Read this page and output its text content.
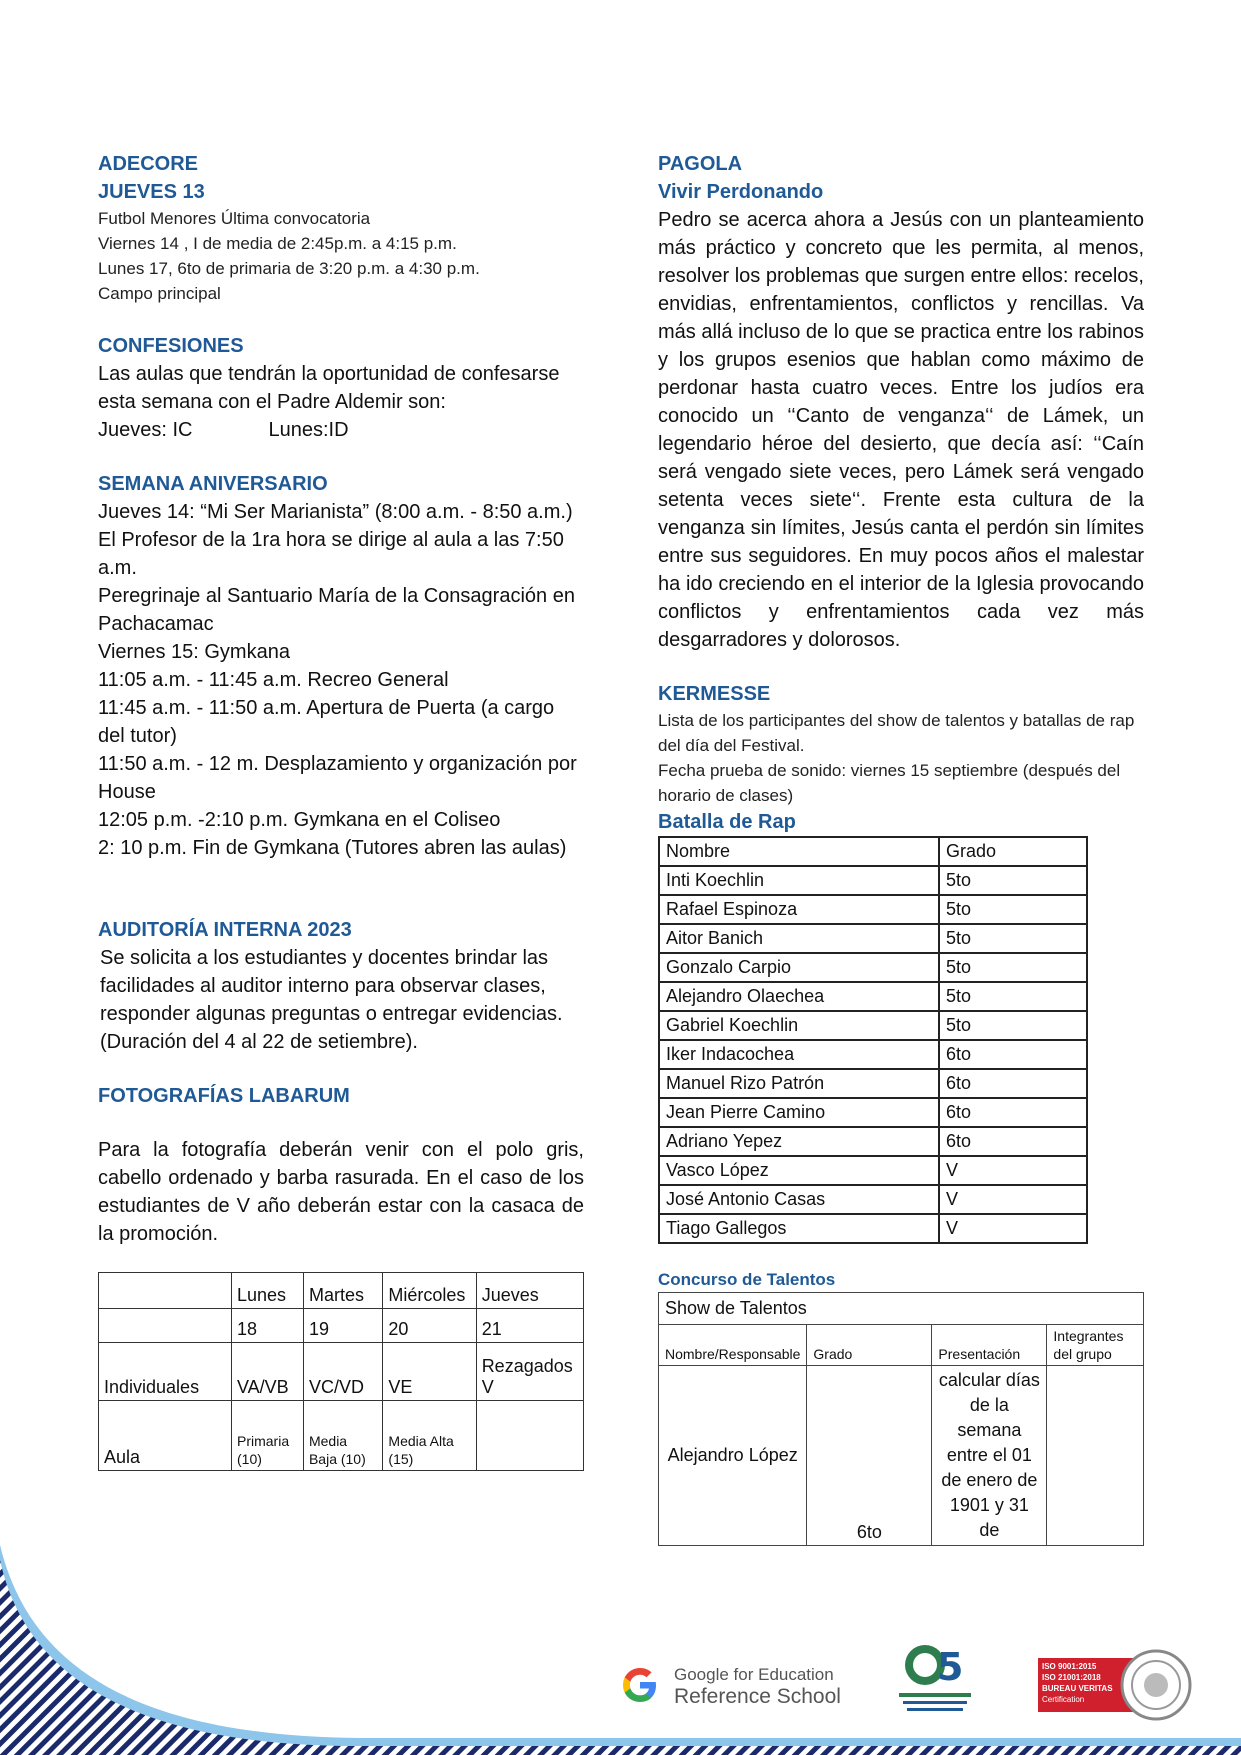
ADECORE
JUEVES 13

Futbol Menores Última convocatoria

Viernes 14 , I de media de 2:45p.m. a 4:15 p.m.

Lunes 17, 6to de primaria de 3:20 p.m. a 4:30 p.m.

Campo principal

CONFESIONES

Las aulas que tendrán la oportunidad de confesarse esta semana con el Padre Aldemir son:

Jueves: IC	Lunes:ID

SEMANA ANIVERSARIO

Jueves 14: “Mi Ser Marianista” (8:00 a.m. - 8:50 a.m.)

El Profesor de la 1ra hora se dirige al aula a las 7:50 a.m.

Peregrinaje al Santuario María de la Consagración en Pachacamac

Viernes 15: Gymkana

11:05 a.m. - 11:45 a.m. Recreo General

11:45 a.m. - 11:50 a.m. Apertura de Puerta (a cargo del tutor)

11:50 a.m. - 12 m. Desplazamiento y organización por House

12:05 p.m. -2:10 p.m. Gymkana en el Coliseo

2: 10 p.m. Fin de Gymkana (Tutores abren las aulas)

AUDITORÍA INTERNA 2023

Se solicita a los estudiantes y docentes brindar las facilidades al auditor interno para observar clases, responder algunas preguntas o entregar evidencias. (Duración del 4 al 22 de setiembre).

FOTOGRAFÍAS LABARUM

Para la fotografía deberán venir con el polo gris, cabello ordenado y barba rasurada. En el caso de los estudiantes de V año deberán estar con la casaca de la promoción.

	Lunes	Martes	Miércoles	Jueves
	18	19	20	21
Individuales	VA/VB	VC/VD	VE	Rezagados V
Aula	Primaria (10)	Media Baja (10)	Media Alta (15)	
PAGOLA
Vivir Perdonando

Pedro se acerca ahora a Jesús con un planteamiento más práctico y concreto que les permita, al menos, resolver los problemas que surgen entre ellos: recelos, envidias, enfrentamientos, conflictos y rencillas. Va más allá incluso de lo que se practica entre los rabinos y los grupos esenios que hablan como máximo de perdonar hasta cuatro veces. Entre los judíos era conocido un ‘‘Canto de venganza‘‘ de Lámek, un legendario héroe del desierto, que decía así: ‘‘Caín será vengado siete veces, pero Lámek será vengado setenta veces siete‘‘. Frente esta cultura de la venganza sin límites, Jesús canta el perdón sin límites entre sus seguidores. En muy pocos años el malestar ha ido creciendo en el interior de la Iglesia provocando conflictos y enfrentamientos cada vez más desgarradores y dolorosos.

KERMESSE

Lista de los participantes del show de talentos y batallas de rap del día del Festival.

Fecha prueba de sonido: viernes 15 septiembre (después del horario de clases)

Batalla de Rap
Nombre	Grado
Inti Koechlin	5to
Rafael Espinoza	5to
Aitor Banich	5to
Gonzalo Carpio	5to
Alejandro Olaechea	5to
Gabriel Koechlin	5to
Iker Indacochea	6to
Manuel Rizo Patrón	6to
Jean Pierre Camino	6to
Adriano Yepez	6to
Vasco López	V
José Antonio Casas	V
Tiago Gallegos	V

Concurso de Talentos

Show de Talentos			
Nombre/Responsable	Grado	Presentación	Integrantes del grupo
Alejandro López	6to	calcular días de la semana entre el 01 de enero de 1901 y 31 de	
Google for Education
Reference School
5	ISO 9001:2015
ISO 21001:2018
BUREAU VERITAS
Certification
